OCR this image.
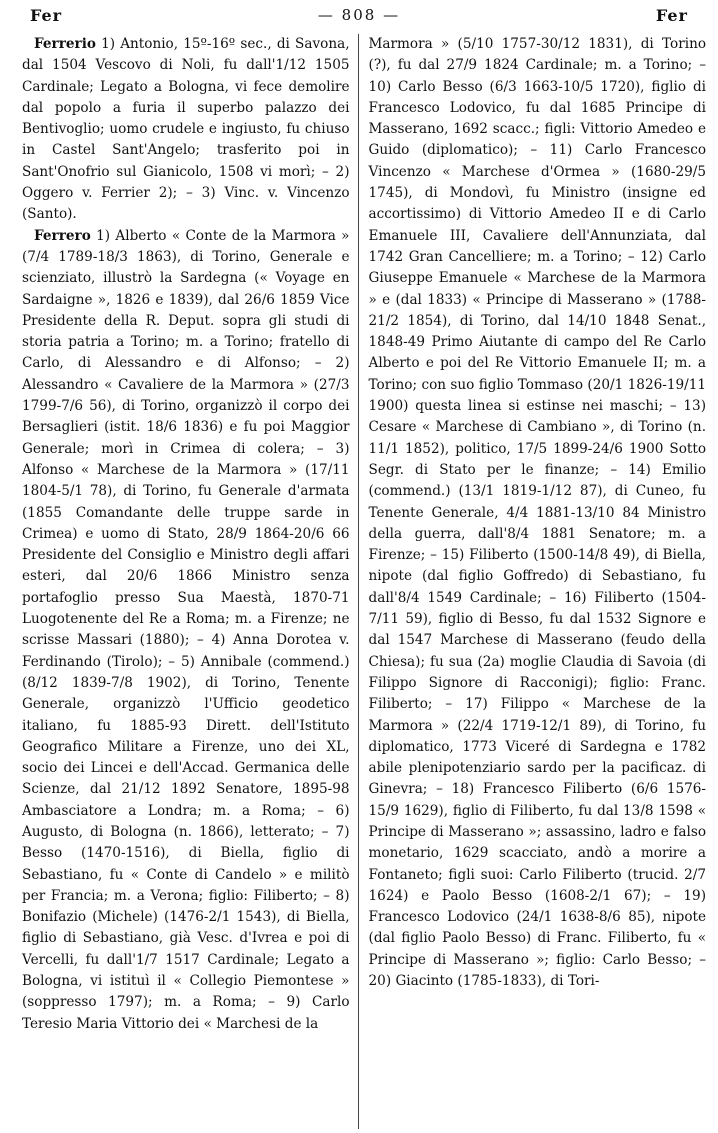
Fer	— 808 —	Fer

Ferrerio 1) Antonio, 15º-16º sec., di Savona, dal 1504 Vescovo di Noli, fu dall'1/12 1505 Cardinale; Legato a Bologna, vi fece demolire dal popolo a furia il superbo palazzo dei Bentivoglio; uomo crudele e ingiusto, fu chiuso in Castel Sant'Angelo; trasferito poi in Sant'Onofrio sul Gianicolo, 1508 vi morì; – 2) Oggero v. Ferrier 2); – 3) Vinc. v. Vincenzo (Santo).

Ferrero 1) Alberto « Conte de la Marmora » (7/4 1789-18/3 1863), di Torino, Generale e scienziato, illustrò la Sardegna (« Voyage en Sardaigne », 1826 e 1839), dal 26/6 1859 Vice Presidente della R. Deput. sopra gli studi di storia patria a Torino; m. a Torino; fratello di Carlo, di Alessandro e di Alfonso; – 2) Alessandro « Cavaliere de la Marmora » (27/3 1799-7/6 56), di Torino, organizzò il corpo dei Bersaglieri (istit. 18/6 1836) e fu poi Maggior Generale; morì in Crimea di colera; – 3) Alfonso « Marchese de la Marmora » (17/11 1804-5/1 78), di Torino, fu Generale d'armata (1855 Comandante delle truppe sarde in Crimea) e uomo di Stato, 28/9 1864-20/6 66 Presidente del Consiglio e Ministro degli affari esteri, dal 20/6 1866 Ministro senza portafoglio presso Sua Maestà, 1870-71 Luogotenente del Re a Roma; m. a Firenze; ne scrisse Massari (1880); – 4) Anna Dorotea v. Ferdinando (Tirolo); – 5) Annibale (commend.) (8/12 1839-7/8 1902), di Torino, Tenente Generale, organizzò l'Ufficio geodetico italiano, fu 1885-93 Dirett. dell'Istituto Geografico Militare a Firenze, uno dei XL, socio dei Lincei e dell'Accad. Germanica delle Scienze, dal 21/12 1892 Senatore, 1895-98 Ambasciatore a Londra; m. a Roma; – 6) Augusto, di Bologna (n. 1866), letterato; – 7) Besso (1470-1516), di Biella, figlio di Sebastiano, fu « Conte di Candelo » e militò per Francia; m. a Verona; figlio: Filiberto; – 8) Bonifazio (Michele) (1476-2/1 1543), di Biella, figlio di Sebastiano, già Vesc. d'Ivrea e poi di Vercelli, fu dall'1/7 1517 Cardinale; Legato a Bologna, vi istituì il « Collegio Piemontese » (soppresso 1797); m. a Roma; – 9) Carlo Teresio Maria Vittorio dei « Marchesi de la

Marmora » (5/10 1757-30/12 1831), di Torino (?), fu dal 27/9 1824 Cardinale; m. a Torino; – 10) Carlo Besso (6/3 1663-10/5 1720), figlio di Francesco Lodovico, fu dal 1685 Principe di Masserano, 1692 scacc.; figli: Vittorio Amedeo e Guido (diplomatico); – 11) Carlo Francesco Vincenzo « Marchese d'Ormea » (1680-29/5 1745), di Mondovì, fu Ministro (insigne ed accortissimo) di Vittorio Amedeo II e di Carlo Emanuele III, Cavaliere dell'Annunziata, dal 1742 Gran Cancelliere; m. a Torino; – 12) Carlo Giuseppe Emanuele « Marchese de la Marmora » e (dal 1833) « Principe di Masserano » (1788-21/2 1854), di Torino, dal 14/10 1848 Senat., 1848-49 Primo Aiutante di campo del Re Carlo Alberto e poi del Re Vittorio Emanuele II; m. a Torino; con suo figlio Tommaso (20/1 1826-19/11 1900) questa linea si estinse nei maschi; – 13) Cesare « Marchese di Cambiano », di Torino (n. 11/1 1852), politico, 17/5 1899-24/6 1900 Sotto Segr. di Stato per le finanze; – 14) Emilio (commend.) (13/1 1819-1/12 87), di Cuneo, fu Tenente Generale, 4/4 1881-13/10 84 Ministro della guerra, dall'8/4 1881 Senatore; m. a Firenze; – 15) Filiberto (1500-14/8 49), di Biella, nipote (dal figlio Goffredo) di Sebastiano, fu dall'8/4 1549 Cardinale; – 16) Filiberto (1504-7/11 59), figlio di Besso, fu dal 1532 Signore e dal 1547 Marchese di Masserano (feudo della Chiesa); fu sua (2a) moglie Claudia di Savoia (di Filippo Signore di Racconigi); figlio: Franc. Filiberto; – 17) Filippo « Marchese de la Marmora » (22/4 1719-12/1 89), di Torino, fu diplomatico, 1773 Viceré di Sardegna e 1782 abile plenipotenziario sardo per la pacificaz. di Ginevra; – 18) Francesco Filiberto (6/6 1576-15/9 1629), figlio di Filiberto, fu dal 13/8 1598 « Principe di Masserano »; assassino, ladro e falso monetario, 1629 scacciato, andò a morire a Fontaneto; figli suoi: Carlo Filiberto (trucid. 2/7 1624) e Paolo Besso (1608-2/1 67); – 19) Francesco Lodovico (24/1 1638-8/6 85), nipote (dal figlio Paolo Besso) di Franc. Filiberto, fu « Principe di Masserano »; figlio: Carlo Besso; – 20) Giacinto (1785-1833), di Tori-
